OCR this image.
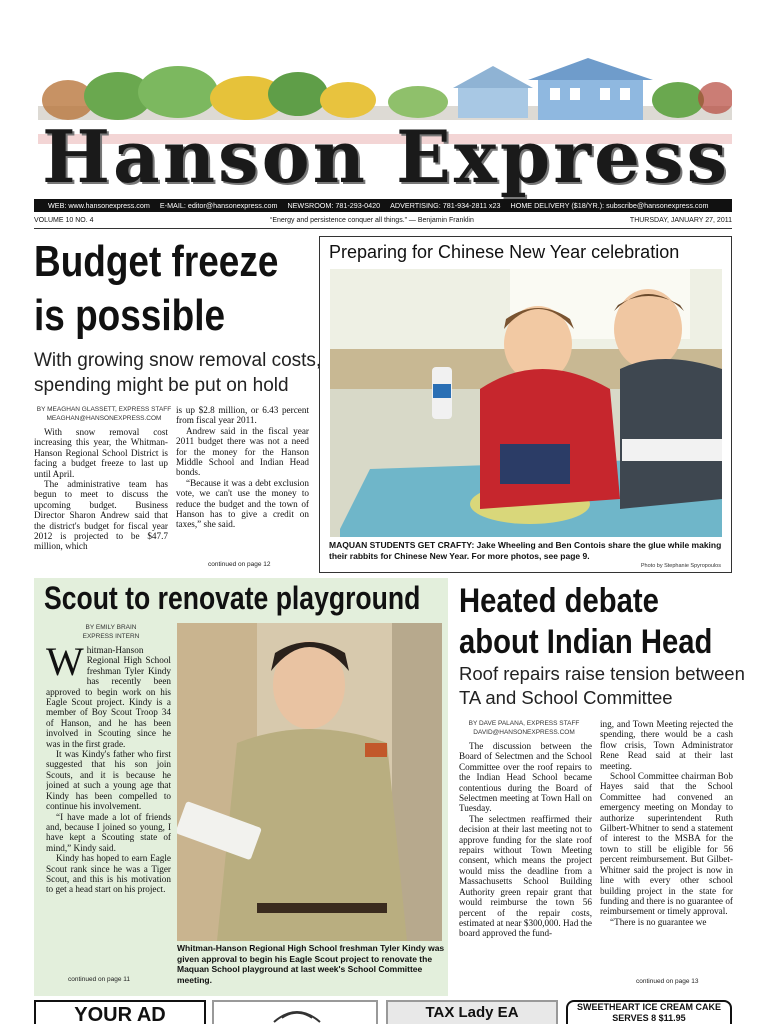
Hanson Express
WEB: www.hansonexpress.com E-MAIL: editor@hansonexpress.com NEWSROOM: 781-293-0420 ADVERTISING: 781-934-2811 x23 HOME DELIVERY ($18/YR.): subscribe@hansonexpress.com
VOLUME 10 NO. 4	“Energy and persistence conquer all things.” — Benjamin Franklin	THURSDAY, JANUARY 27, 2011
Budget freeze
is possible
With growing snow removal costs,
spending might be put on hold
BY MEAGHAN GLASSETT, EXPRESS STAFF
MEAGHAN@HANSONEXPRESS.COM

With snow removal cost increasing this year, the Whitman-Hanson Regional School District is facing a budget freeze to last up until April.

The administrative team has begun to meet to discuss the upcoming budget. Business Director Sharon Andrew said that the district's budget for fiscal year 2012 is projected to be $47.7 million, which

is up $2.8 million, or 6.43 percent from fiscal year 2011.

Andrew said in the fiscal year 2011 budget there was not a need for the money for the Hanson Middle School and Indian Head bonds.

“Because it was a debt exclusion vote, we can't use the money to reduce the budget and the town of Hanson has to give a credit on taxes,” she said.

continued on page 12
Preparing for Chinese New Year celebration
MAQUAN STUDENTS GET CRAFTY: Jake Wheeling and Ben Contois share the glue while making their rabbits for Chinese New Year. For more photos, see page 9.
Photo by Stephanie Spyropoulos
Scout to renovate playground
BY EMILY BRAIN
EXPRESS INTERN

Whitman-Hanson Regional High School freshman Tyler Kindy has recently been approved to begin work on his Eagle Scout project. Kindy is a member of Boy Scout Troop 34 of Hanson, and he has been involved in Scouting since he was in the first grade.

It was Kindy's father who first suggested that his son join Scouts, and it is because he joined at such a young age that Kindy has been compelled to continue his involvement.

“I have made a lot of friends and, because I joined so young, I have kept a Scouting state of mind,” Kindy said.

Kindy has hoped to earn Eagle Scout rank since he was a Tiger Scout, and this is his motivation to get a head start on his project.

continued on page 11
Whitman-Hanson Regional High School freshman Tyler Kindy was given approval to begin his Eagle Scout project to renovate the Maquan School playground at last week's School Committee meeting.
Heated debate
about Indian Head
Roof repairs raise tension between
TA and School Committee
BY DAVE PALANA, EXPRESS STAFF
DAVID@HANSONEXPRESS.COM

The discussion between the Board of Selectmen and the School Committee over the roof repairs to the Indian Head School became contentious during the Board of Selectmen meeting at Town Hall on Tuesday.

The selectmen reaffirmed their decision at their last meeting not to approve funding for the slate roof repairs without Town Meeting consent, which means the project would miss the deadline from a Massachusetts School Building Authority green repair grant that would reimburse the town 56 percent of the repair costs, estimated at near $300,000. Had the board approved the fund-

ing, and Town Meeting rejected the spending, there would be a cash flow crisis, Town Administrator Rene Read said at their last meeting.

School Committee chairman Bob Hayes said that the School Committee had convened an emergency meeting on Monday to authorize superintendent Ruth Gilbert-Whitner to send a statement of interest to the MSBA for the town to still be eligible for 56 percent reimbursement. But Gilbet-Whitner said the project is now in line with every other school building project in the state for funding and there is no guarantee of reimbursement or timely approval.

“There is no guarantee we

continued on page 13
YOUR AD	TAX Lady EA	SWEETHEART ICE CREAM CAKE
SERVES 8 $11.95
